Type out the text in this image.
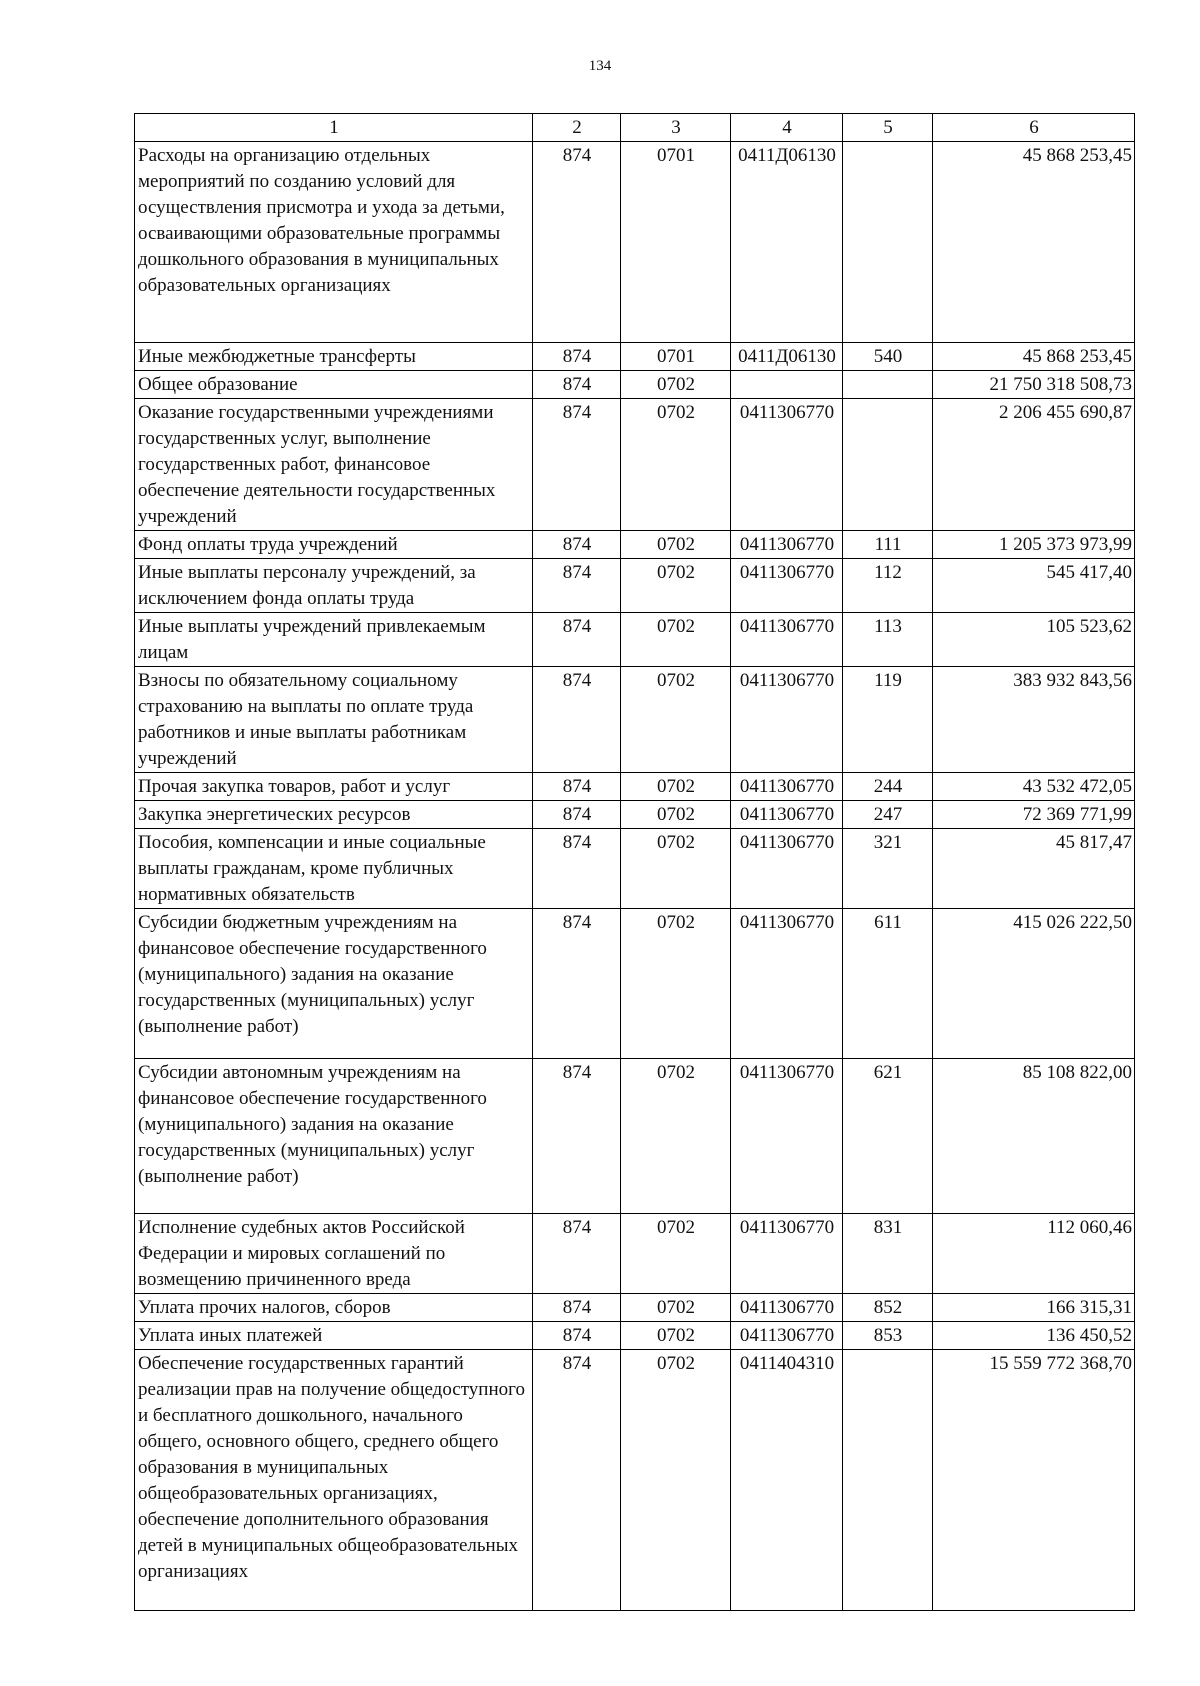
134
1	2	3	4	5	6
Расходы на организацию отдельных мероприятий по созданию условий для осуществления присмотра и ухода за детьми, осваивающими образовательные программы дошкольного образования в муниципальных образовательных организациях	874	0701	0411Д06130		45 868 253,45
Иные межбюджетные трансферты	874	0701	0411Д06130	540	45 868 253,45
Общее образование	874	0702			21 750 318 508,73
Оказание государственными учреждениями государственных услуг, выполнение государственных работ, финансовое обеспечение деятельности государственных учреждений	874	0702	0411306770		2 206 455 690,87
Фонд оплаты труда учреждений	874	0702	0411306770	111	1 205 373 973,99
Иные выплаты персоналу учреждений, за исключением фонда оплаты труда	874	0702	0411306770	112	545 417,40
Иные выплаты учреждений привлекаемым лицам	874	0702	0411306770	113	105 523,62
Взносы по обязательному социальному страхованию на выплаты по оплате труда работников и иные выплаты работникам учреждений	874	0702	0411306770	119	383 932 843,56
Прочая закупка товаров, работ и услуг	874	0702	0411306770	244	43 532 472,05
Закупка энергетических ресурсов	874	0702	0411306770	247	72 369 771,99
Пособия, компенсации и иные социальные выплаты гражданам, кроме публичных нормативных обязательств	874	0702	0411306770	321	45 817,47
Субсидии бюджетным учреждениям на финансовое обеспечение государственного (муниципального) задания на оказание государственных (муниципальных) услуг (выполнение работ)	874	0702	0411306770	611	415 026 222,50
Субсидии автономным учреждениям на финансовое обеспечение государственного (муниципального) задания на оказание государственных (муниципальных) услуг (выполнение работ)	874	0702	0411306770	621	85 108 822,00
Исполнение судебных актов Российской Федерации и мировых соглашений по возмещению причиненного вреда	874	0702	0411306770	831	112 060,46
Уплата прочих налогов, сборов	874	0702	0411306770	852	166 315,31
Уплата иных платежей	874	0702	0411306770	853	136 450,52
Обеспечение государственных гарантий реализации прав на получение общедоступного и бесплатного дошкольного, начального общего, основного общего, среднего общего образования в муниципальных общеобразовательных организациях, обеспечение дополнительного образования детей в муниципальных общеобразовательных организациях	874	0702	0411404310		15 559 772 368,70
